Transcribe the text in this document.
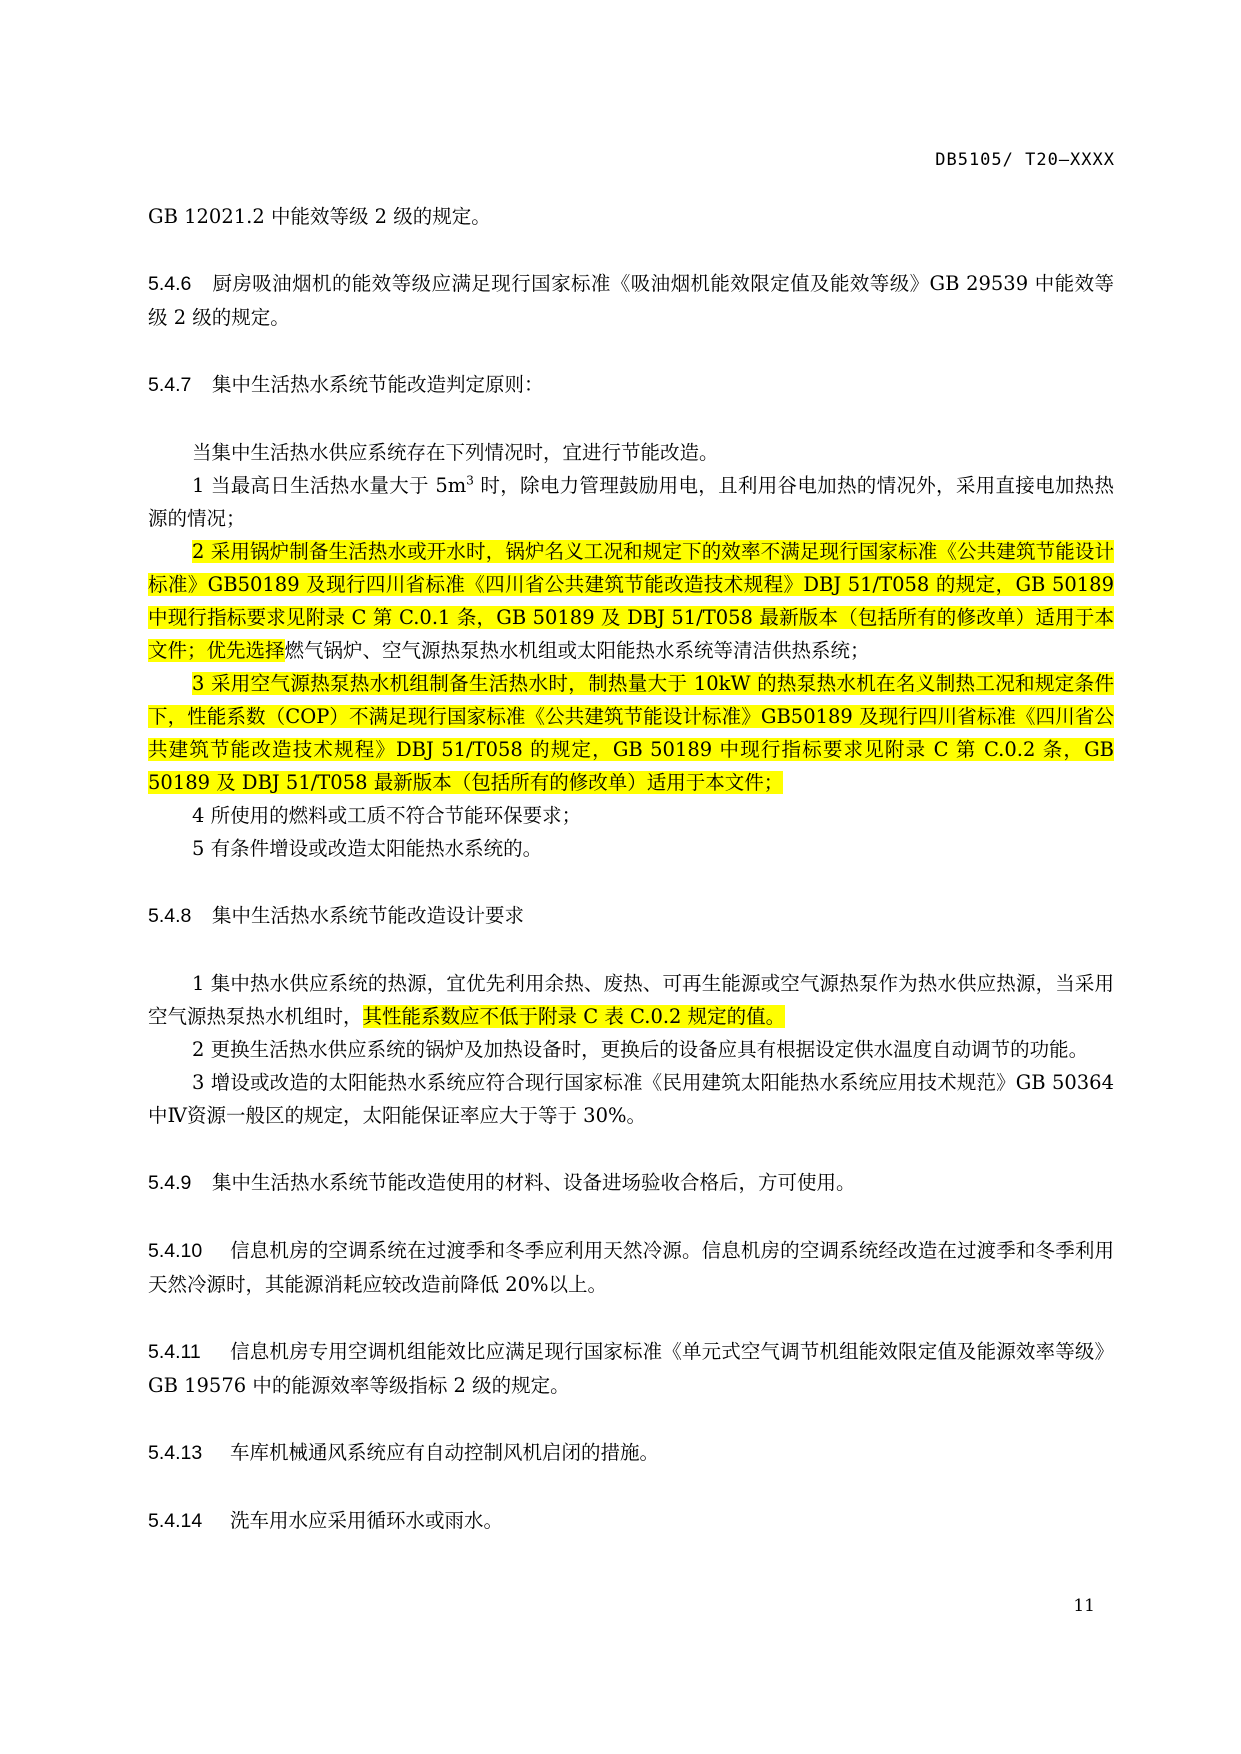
DB5105/ T20—XXXX

GB 12021.2 中能效等级 2 级的规定。

5.4.6 厨房吸油烟机的能效等级应满足现行国家标准《吸油烟机能效限定值及能效等级》GB 29539 中能效等级 2 级的规定。

5.4.7 集中生活热水系统节能改造判定原则：

当集中生活热水供应系统存在下列情况时，宜进行节能改造。

1 当最高日生活热水量大于 $5m^3$ 时，除电力管理鼓励用电，且利用谷电加热的情况外，采用直接电加热热源的情况；

2 采用锅炉制备生活热水或开水时，锅炉名义工况和规定下的效率不满足现行国家标准《公共建筑节能设计标准》GB50189 及现行四川省标准《四川省公共建筑节能改造技术规程》DBJ 51/T058 的规定，GB 50189 中现行指标要求见附录 C 第 C.0.1 条，GB 50189 及 DBJ 51/T058 最新版本（包括所有的修改单）适用于本文件；优先选择燃气锅炉、空气源热泵热水机组或太阳能热水系统等清洁供热系统；

3 采用空气源热泵热水机组制备生活热水时，制热量大于 10kW 的热泵热水机在名义制热工况和规定条件下，性能系数（COP）不满足现行国家标准《公共建筑节能设计标准》GB50189 及现行四川省标准《四川省公共建筑节能改造技术规程》DBJ 51/T058 的规定，GB 50189 中现行指标要求见附录 C 第 C.0.2 条，GB 50189 及 DBJ 51/T058 最新版本（包括所有的修改单）适用于本文件；

4 所使用的燃料或工质不符合节能环保要求；

5 有条件增设或改造太阳能热水系统的。

5.4.8 集中生活热水系统节能改造设计要求

1 集中热水供应系统的热源，宜优先利用余热、废热、可再生能源或空气源热泵作为热水供应热源，当采用空气源热泵热水机组时，其性能系数应不低于附录 C 表 C.0.2 规定的值。

2 更换生活热水供应系统的锅炉及加热设备时，更换后的设备应具有根据设定供水温度自动调节的功能。

3 增设或改造的太阳能热水系统应符合现行国家标准《民用建筑太阳能热水系统应用技术规范》GB 50364 中Ⅳ资源一般区的规定，太阳能保证率应大于等于 30%。

5.4.9 集中生活热水系统节能改造使用的材料、设备进场验收合格后，方可使用。

5.4.10 信息机房的空调系统在过渡季和冬季应利用天然冷源。信息机房的空调系统经改造在过渡季和冬季利用天然冷源时，其能源消耗应较改造前降低 20%以上。

5.4.11 信息机房专用空调机组能效比应满足现行国家标准《单元式空气调节机组能效限定值及能源效率等级》GB 19576 中的能源效率等级指标 2 级的规定。

5.4.13 车库机械通风系统应有自动控制风机启闭的措施。

5.4.14 洗车用水应采用循环水或雨水。

11
